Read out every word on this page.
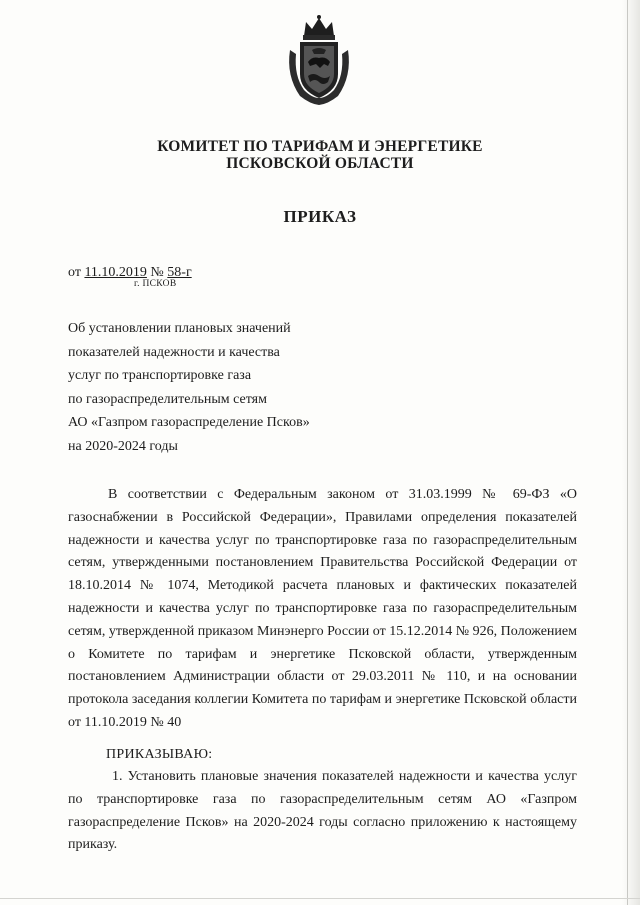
КОМИТЕТ ПО ТАРИФАМ И ЭНЕРГЕТИКЕ
ПСКОВСКОЙ ОБЛАСТИ
ПРИКАЗ
от 11.10.2019 № 58-г
г. ПСКОВ
Об установлении плановых значений
показателей надежности и качества
услуг по транспортировке газа
по газораспределительным сетям
АО «Газпром газораспределение Псков»
на 2020-2024 годы
В соответствии с Федеральным законом от 31.03.1999 № 69-ФЗ «О газоснабжении в Российской Федерации», Правилами определения показателей надежности и качества услуг по транспортировке газа по газораспределительным сетям, утвержденными постановлением Правительства Российской Федерации от 18.10.2014 № 1074, Методикой расчета плановых и фактических показателей надежности и качества услуг по транспортировке газа по газораспределительным сетям, утвержденной приказом Минэнерго России от 15.12.2014 № 926, Положением о Комитете по тарифам и энергетике Псковской области, утвержденным постановлением Администрации области от 29.03.2011 № 110, и на основании протокола заседания коллегии Комитета по тарифам и энергетике Псковской области от 11.10.2019 № 40
ПРИКАЗЫВАЮ:
1. Установить плановые значения показателей надежности и качества услуг по транспортировке газа по газораспределительным сетям АО «Газпром газораспределение Псков» на 2020-2024 годы согласно приложению к настоящему приказу.
